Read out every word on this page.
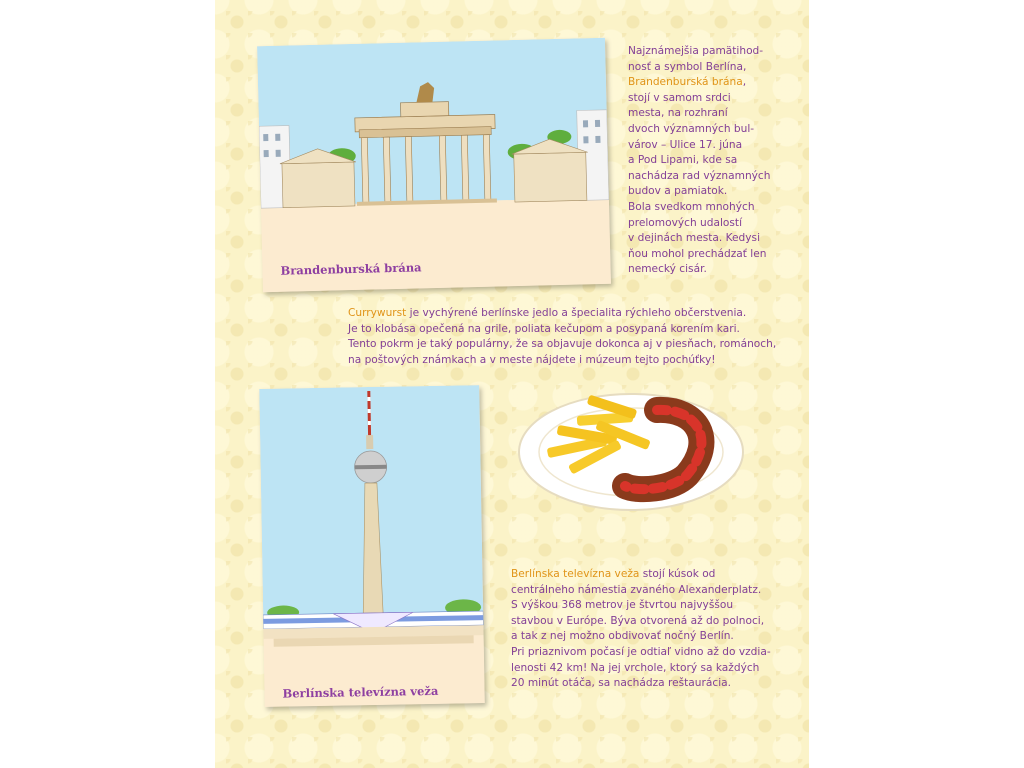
Brandenburská brána
Najznámejšia pamätihod-
nosť a symbol Berlína,
Brandenburská brána,
stojí v samom srdci
mesta, na rozhraní
dvoch významných bul-
várov – Ulice 17. júna
a Pod Lipami, kde sa
nachádza rad významných
budov a pamiatok.
Bola svedkom mnohých
prelomových udalostí
v dejinách mesta. Kedysi
ňou mohol prechádzať len
nemecký cisár.
Currywurst je vychýrené berlínske jedlo a špecialita rýchleho občerstvenia.
Je to klobása opečená na grile, poliata kečupom a posypaná korením kari.
Tento pokrm je taký populárny, že sa objavuje dokonca aj v piesňach, románoch,
na poštových známkach a v meste nájdete i múzeum tejto pochúťky!
Berlínska televízna veža
Berlínska televízna veža stojí kúsok od
centrálneho námestia zvaného Alexanderplatz.
S výškou 368 metrov je štvrtou najvyššou
stavbou v Európe. Býva otvorená až do polnoci,
a tak z nej možno obdivovať nočný Berlín.
Pri priaznivom počasí je odtiaľ vidno až do vzdia-
lenosti 42 km! Na jej vrchole, ktorý sa každých
20 minút otáča, sa nachádza reštaurácia.
